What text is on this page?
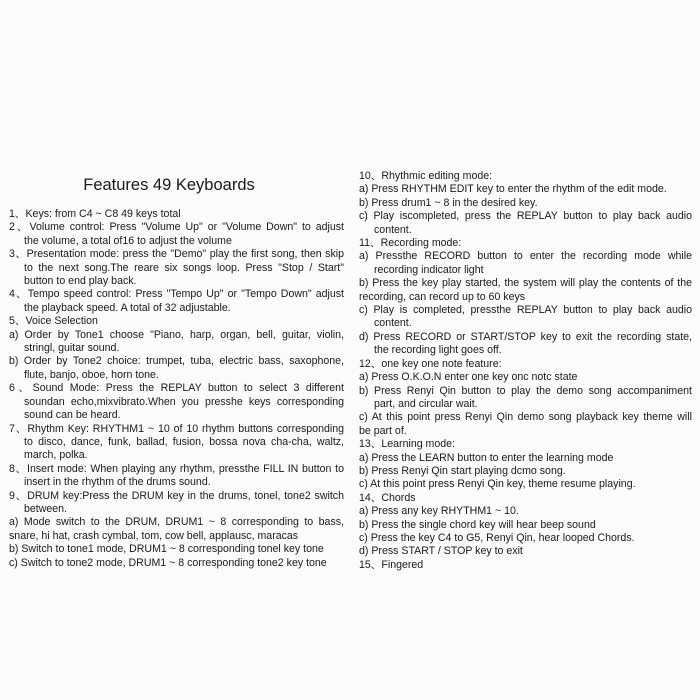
Features 49 Keyboards
1、Keys: from C4 ~ C8 49 keys total
2、Volume control: Press "Volume Up" or "Volume Down" to adjust
the volume, a total of16 to adjust the volume
3、Presentation mode: press the "Demo" play the first song, then skip
to the next song.The reare six songs loop. Press "Stop / Start"
button to end play back.
4、Tempo speed control: Press "Tempo Up" or "Tempo Down" adjust
the playback speed. A total of 32 adjustable.
5、Voice Selection
a) Order by Tone1 choose "Piano, harp, organ, bell, guitar, violin,
stringl, guitar sound.
b) Order by Tone2 choice: trumpet, tuba, electric bass, saxophone,
flute, banjo, oboe, horn tone.
6、Sound Mode: Press the REPLAY button to select 3 different
soundan echo,mixvibrato.When you presshe keys corresponding
sound can be heard.
7、Rhythm Key: RHYTHM1 ~ 10 of 10 rhythm buttons corresponding
to disco, dance, funk, ballad, fusion, bossa nova cha-cha, waltz,
march, polka.
8、Insert mode: When playing any rhythm, pressthe FILL IN button to
insert in the rhythm of the drums sound.
9、DRUM key:Press the DRUM key in the drums, tonel, tone2 switch
between.
a) Mode switch to the DRUM, DRUM1 ~ 8 corresponding to bass,
snare, hi hat, crash cymbal, tom, cow bell, applausc, maracas
b) Switch to tone1 mode, DRUM1 ~ 8 corresponding tonel key tone
c) Switch to tone2 mode, DRUM1 ~ 8 corresponding tone2 key tone
10、Rhythmic editing mode:
a) Press RHYTHM EDIT key to enter the rhythm of the edit mode.
b) Press drum1 ~ 8 in the desired key.
c) Play iscompleted, press the REPLAY button to play back audio
content.
11、Recording mode:
a) Pressthe RECORD button to enter the recording mode while
recording indicator light
b) Press the key play started, the system will play the contents of the
recording, can record up to 60 keys
c) Play is completed, pressthe REPLAY button to play back audio
content.
d) Press RECORD or START/STOP key to exit the recording state,
the recording light goes off.
12、one key one note feature:
a) Press O.K.O.N enter one key onc notc state
b) Press Renyi Qin button to play the demo song accompaniment
part, and circular wait.
c) At this point press Renyi Qin demo song playback key theme will
be part of.
13、Learning mode:
a) Press the LEARN button to enter the learning mode
b) Press Renyi Qin start playing dcmo song.
c) At this point press Renyi Qin key, theme resume playing.
14、Chords
a) Press any key RHYTHM1 ~ 10.
b) Press the single chord key will hear beep sound
c) Press the key C4 to G5, Renyi Qin, hear looped Chords.
d) Press START / STOP key to exit
15、Fingered
